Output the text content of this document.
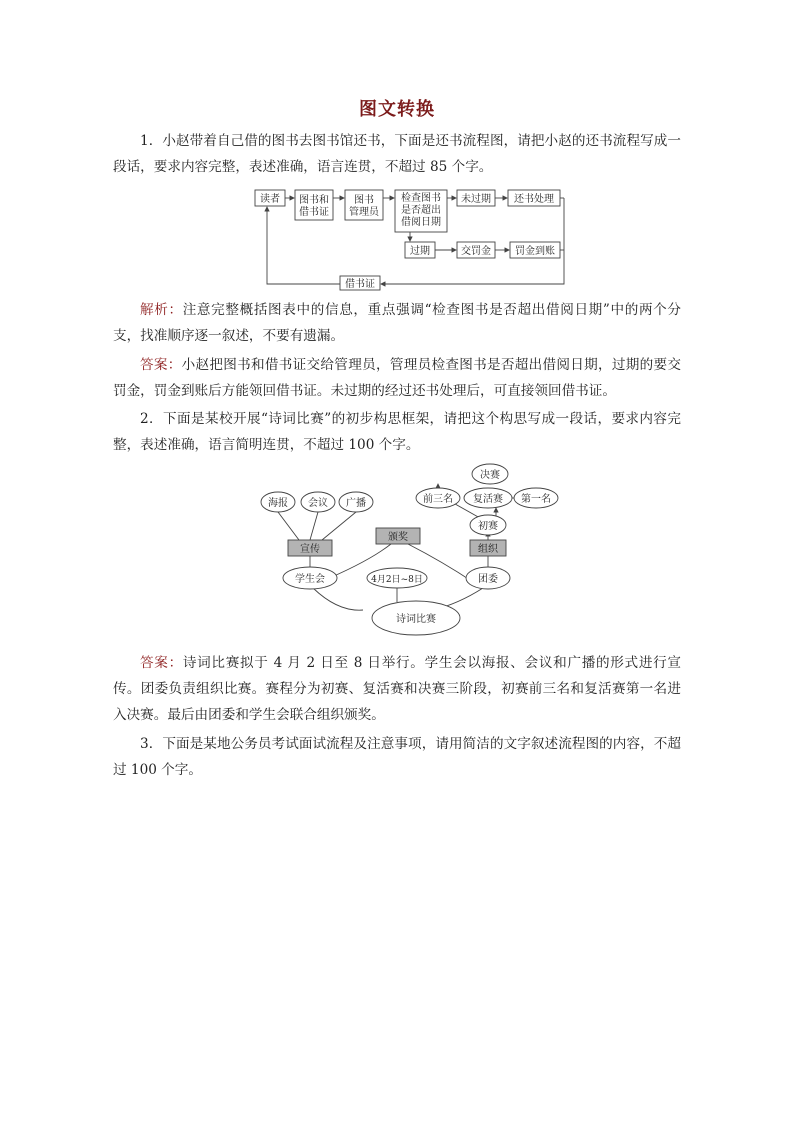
图文转换

1．小赵带着自己借的图书去图书馆还书，下面是还书流程图，请把小赵的还书流程写成一段话，要求内容完整，表述准确，语言连贯，不超过 85 个字。

读者 图书和
借书证
图书
管理员
检查图书
是否超出
借阅日期
未过期 还书处理
过期	交罚金 罚金到账
借书证

解析：注意完整概括图表中的信息，重点强调“检查图书是否超出借阅日期”中的两个分支，找准顺序逐一叙述，不要有遗漏。

答案：小赵把图书和借书证交给管理员，管理员检查图书是否超出借阅日期，过期的要交罚金，罚金到账后方能领回借书证。未过期的经过还书处理后，可直接领回借书证。

2．下面是某校开展“诗词比赛”的初步构思框架，请把这个构思写成一段话，要求内容完整，表述准确，语言简明连贯，不超过 100 个字。

海报 会议 广播
宣传
颁奖
组织
学生会	4月2日~8日	团委
诗词比赛
决赛
前三名 复活赛 第一名
初赛

答案：诗词比赛拟于 4 月 2 日至 8 日举行。学生会以海报、会议和广播的形式进行宣传。团委负责组织比赛。赛程分为初赛、复活赛和决赛三阶段，初赛前三名和复活赛第一名进入决赛。最后由团委和学生会联合组织颁奖。

3．下面是某地公务员考试面试流程及注意事项，请用简洁的文字叙述流程图的内容，不超过 100 个字。
